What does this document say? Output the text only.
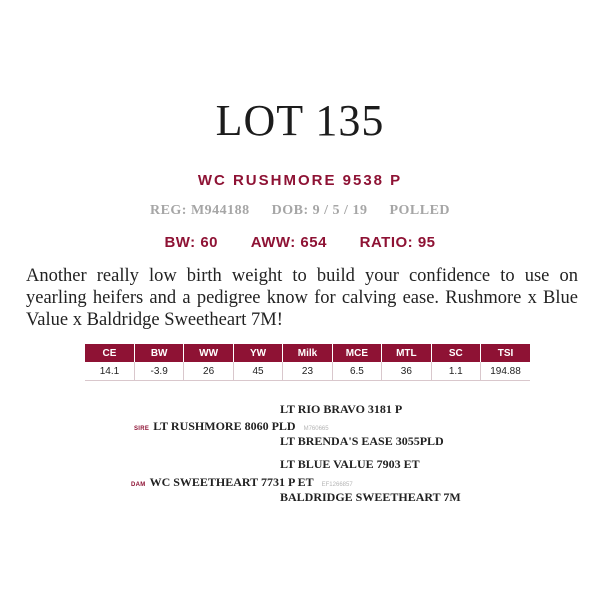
LOT 135
WC RUSHMORE 9538 P
REG: M944188 DOB: 9 / 5 / 19 POLLED
BW: 60 AWW: 654 RATIO: 95
Another really low birth weight to build your confidence to use on yearling heifers and a pedigree know for calving ease. Rushmore x Blue Value x Baldridge Sweetheart 7M!
CE	BW	WW	YW	Milk	MCE	MTL	SC	TSI
14.1	-3.9	26	45	23	6.5	36	1.1	194.88
LT RIO BRAVO 3181 P
SIRE LT RUSHMORE 8060 PLD M760665
LT BRENDA'S EASE 3055PLD
LT BLUE VALUE 7903 ET
DAM WC SWEETHEART 7731 P ET EF1266857
BALDRIDGE SWEETHEART 7M
